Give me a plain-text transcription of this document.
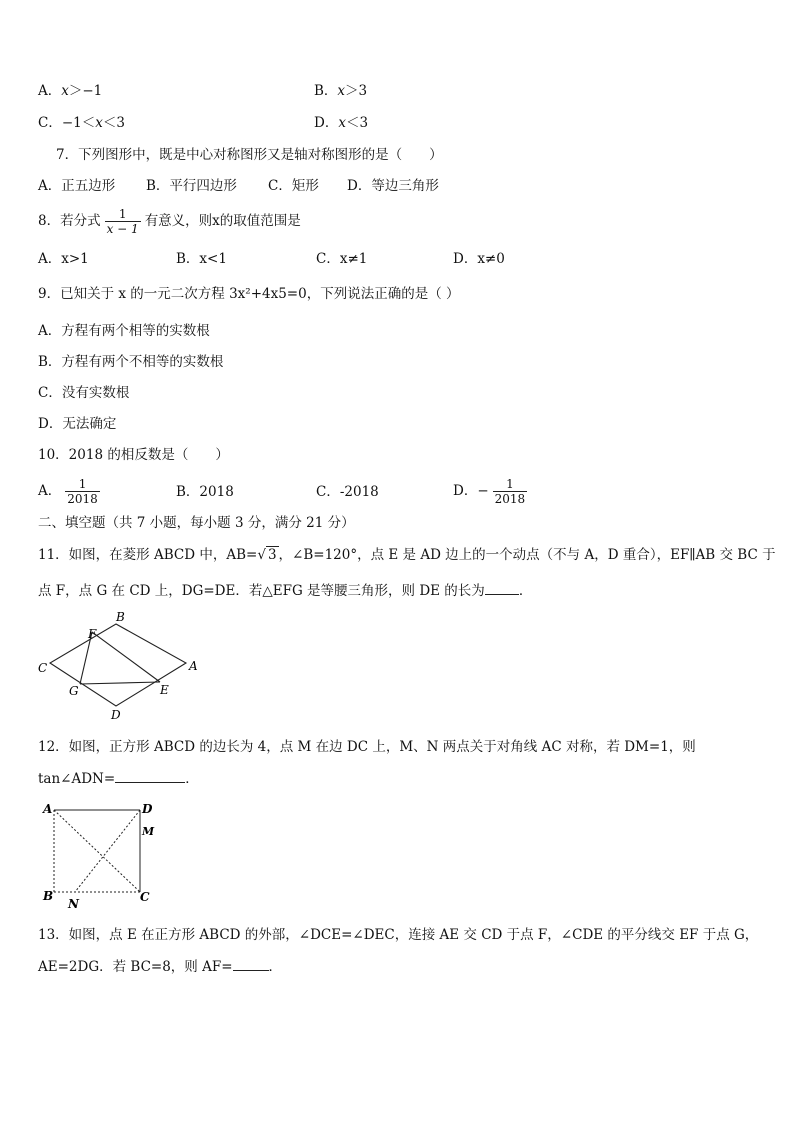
A．x＞−1	B．x＞3
C．−1＜x＜3	D．x＜3
7．下列图形中，既是中心对称图形又是轴对称图形的是（　　）
A．正五边形 B．平行四边形 C．矩形 D．等边三角形
8．若分式 $\frac{1}{x - 1}$ 有意义，则x的取值范围是
A．x>1	B．x<1	C．x≠1	D．x≠0
9．已知关于 x 的一元二次方程 3x²+4x5=0，下列说法正确的是（ ）
A．方程有两个相等的实数根
B．方程有两个不相等的实数根
C．没有实数根
D．无法确定
10．2018 的相反数是（　　）
A． $\frac{1}{2018}$	B．2018	C．-2018	D．− $\frac{1}{2018}$
二、填空题（共 7 小题，每小题 3 分，满分 21 分）
11．如图，在菱形 ABCD 中，AB=√ 3 ，∠B=120°，点 E 是 AD 边上的一个动点（不与 A，D 重合），EF∥AB 交 BC 于
点 F，点 G 在 CD 上，DG=DE．若△EFG 是等腰三角形，则 DE 的长为	．
B
A
C
D
F
G	E
12．如图，正方形 ABCD 的边长为 4，点 M 在边 DC 上，M、N 两点关于对角线 AC 对称，若 DM=1，则
tan∠ADN=	．
A	D
M
B	C
N
13．如图，点 E 在正方形 ABCD 的外部，∠DCE=∠DEC，连接 AE 交 CD 于点 F，∠CDE 的平分线交 EF 于点 G，
AE=2DG．若 BC=8，则 AF=	．
